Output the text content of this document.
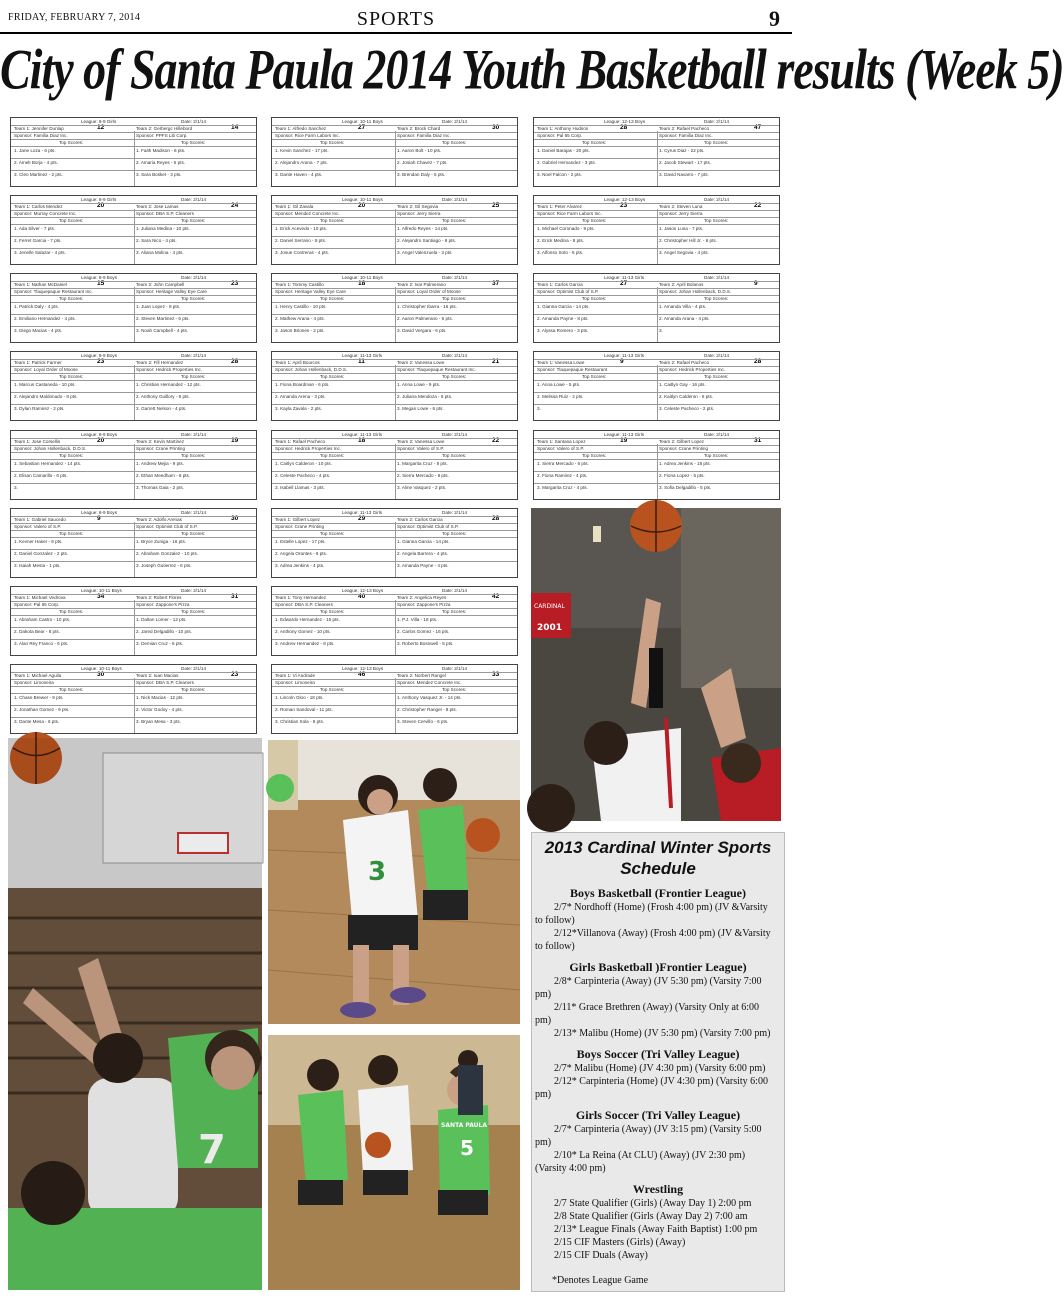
FRIDAY, FEBRUARY 7, 2014	SPORTS	9
City of Santa Paula 2014 Youth Basketball results (Week 5)
League: 8-9 Girls	Date: 2/1/14
Team 1: Jennifer Dunlap	12	Team 2: Gerbergc Hillebord	14
Sponsor: Familia Diaz Inc.	Sponsor: PPFS Lib Corp.
Top Scores:	Top Scores:
1. Jane Loza - 6 pts.	1. Faith Madison - 6 pts.
2. Amelt Borja - 4 pts.	2. Amaria Reyes - 5 pts.
3. Cleo Martinez - 2 pts.	3. Sara Bosket - 3 pts.
League: 8-9 Girls	Date: 2/1/14
Team 1: Carlos Mendez	20	Team 2: Jose Lamas	24
Sponsor: Murray Concrete Inc.	Sponsor: DBA S.P. Cleaners
Top Scores:	Top Scores:
1. Ada Silver - 7 pts.	1. Juliana Medina - 10 pts.
2. Ferret Garcia - 7 pts.	2. Sara Nico - 4 pts.
3. Jenelle Salazar - 4 pts.	3. Aliana Molina - 4 pts.
League: 8-9 Boys	Date: 2/1/14
Team 1: Nathan McDaniel	15	Team 2: John Campbell	23
Sponsor: Tlaquepaque Restaurant Inc.	Sponsor: Heritage Valley Eye Care
Top Scores:	Top Scores:
1. Patrick Daly - 4 pts.	1. Juan Lopez - 8 pts.
2. Emiliano Hernandez - 4 pts.	2. Steven Martinez - 6 pts.
3. Diego Macias - 4 pts.	3. Noah Campbell - 4 pts.
League: 8-9 Boys	Date: 2/1/14
Team 1: Patrick Farmer	23	Team 2: Fill Hernandez	28
Sponsor: Loyal Order of Moose	Sponsor: Hedrick Properties Inc.
Top Scores:	Top Scores:
1. Marcus Castaneda - 10 pts.	1. Christian Hernandez - 12 pts.
2. Alejandro Maldonado - 8 pts.	2. Anthony Guillory - 8 pts.
3. Dylan Ramirez - 2 pts.	3. Garrett Nelson - 4 pts.
League: 8-9 Boys	Date: 2/1/14
Team 1: Jose Corsellis	20	Team 2: Kevin Martinez	19
Sponsor: Johan Hollenback, D.D.S.	Sponsor: Crane Printing
Top Scores:	Top Scores:
1. Sebastian Hernandez - 14 pts.	1. Andrew Mejia - 9 pts.
2. Elisan Camarillo - 6 pts.	2. Ethan Meedham - 8 pts.
3.	3. Thomas Gaia - 2 pts.
League: 8-9 Boys	Date: 2/1/14
Team 1: Gabriel Saucedo	9	Team 2: Adolfo Arenas	30
Sponsor: Valero of S.P.	Sponsor: Optimist Club of S.P.
Top Scores:	Top Scores:
1. Kevner Haser - 6 pts.	1. Bryce Zuniga - 16 pts.
2. Daniel Gonzalez - 2 pts.	2. Abraham Gonzalez - 10 pts.
3. Isaiah Mesta - 1 pts.	3. Joseph Gutierrez - 6 pts.
League: 10-11 Boys	Date: 2/1/14
Team 1: Michael Vedrova	34	Team 2: Robert Flores	31
Sponsor: Pal 65 Corp.	Sponsor: Zappone's Pizza
Top Scores:	Top Scores:
1. Abraham Castro - 10 pts.	1. Daltan Lomer - 12 pts.
2. Dakota Bear - 8 pts.	2. Jared Delgadillo - 10 pts.
3. Alan Rey Franco - 6 pts.	3. Demian Cruz - 6 pts.
League: 10-11 Boys	Date: 2/1/14
Team 1: Michael Aguila	30	Team 2: Iuan Macias	23
Sponsor: Limoneira	Sponsor: DBA S.P. Cleaners
Top Scores:	Top Scores:
1. Chase Brewer - 9 pts.	1. Nick Macias - 12 pts.
2. Jonathan Gomez - 9 pts.	2. Victor Godoy - 4 pts.
3. Dante Mesa - 6 pts.	3. Bryan Mesa - 3 pts.
League: 10-11 Boys	Date: 2/1/14
Team 1: Alfredo Sanchez	27	Team 2: Brock Chard	30
Sponsor: Rice Farm Labors Inc.	Sponsor: Familia Diaz Inc.
Top Scores:	Top Scores:
1. Kevin Sanchez - 17 pts.	1. Aaron Bolt - 10 pts.
2. Alejandro Arana - 7 pts.	2. Josiah Chavez - 7 pts.
3. Dante Haven - 4 pts.	3. Brendan Daly - 5 pts.
League: 10-11 Boys	Date: 2/1/14
Team 1: Gil Zavala	20	Team 2: Gil Segovia	25
Sponsor: Mendez Concrete Inc.	Sponsor: Jerry Sierra
Top Scores:	Top Scores:
1. Erick Acevedo - 10 pts.	1. Alfredo Reyes - 14 pts.
2. Daniel Serrano - 8 pts.	2. Alejandro Santiago - 8 pts.
3. Josue Contreras - 4 pts.	3. Angel Valenzuela - 3 pts.
League: 10-11 Boys	Date: 2/1/14
Team 1: Tommy Castillo	18	Team 2: Ivar Palmerano	37
Sponsor: Heritage Valley Eye Care	Sponsor: Loyal Order of Moose
Top Scores:	Top Scores:
1. Henry Castillo - 10 pts.	1. Christopher Ibarra - 16 pts.
2. Mathew Arana - 4 pts.	2. Aaron Palmerano - 6 pts.
3. Jason Briones - 2 pts.	3. David Vergara - 6 pts.
League: 11-13 Girls	Date: 2/1/14
Team 1: April Bourcos	11	Team 2: Vanessa Lowe	21
Sponsor: Johan Hollenback, D.D.S.	Sponsor: Tlaquepaque Restaurant Inc.
Top Scores:	Top Scores:
1. Fiona Boardman - 6 pts.	1. Anna Lowe - 9 pts.
2. Amanda Arena - 3 pts.	2. Juliana Mendoza - 6 pts.
3. Kayla Zavala - 2 pts.	3. Megan Lowe - 6 pts.
League: 11-13 Girls	Date: 2/1/14
Team 1: Rafael Pacheco	18	Team 2: Vanessa Lowe	22
Sponsor: Hedrick Properties Inc.	Sponsor: Valero of S.P.
Top Scores:	Top Scores:
1. Caitlyn Calderon - 10 pts.	1. Margarita Cruz - 8 pts.
2. Celeste Pacheco - 4 pts.	2. Sierra Mercado - 8 pts.
3. Isabell Llamas - 3 pts.	3. Aline Vasquez - 2 pts.
League: 11-13 Girls	Date: 2/1/14
Team 1: Gilbert Lopez	29	Team 2: Carlos Garcia	28
Sponsor: Crane Printing	Sponsor: Optimist Club of S.P.
Top Scores:	Top Scores:
1. Estelle Lopez - 17 pts.	1. Gianna Garcia - 14 pts.
2. Angela Orantes - 6 pts.	2. Angela Barrera - 4 pts.
3. Adrea Jenkins - 4 pts.	3. Amanda Payne - 4 pts.
League: 12-13 Boys	Date: 2/1/14
Team 1: Tony Hernandez	40	Team 2: Angelica Reyes	42
Sponsor: DBA S.P. Cleaners	Sponsor: Zappone's Pizza
Top Scores:	Top Scores:
1. Edwardo Hernandez - 15 pts.	1. P.J. Villa - 18 pts.
2. Anthony Gomez - 10 pts.	2. Carlos Gomez - 16 pts.
3. Andrew Hernandez - 8 pts.	3. Roberto Bosnwell - 5 pts.
League: 12-13 Boys	Date: 2/1/14
Team 1: Vi Andrade	46	Team 2: Norbert Rangel	33
Sponsor: Limoneira	Sponsor: Mendez Concrete Inc.
Top Scores:	Top Scores:
1. Lincoln Gloo - 18 pts.	1. Anthony Vasquez Jr. - 14 pts.
2. Roman Sandoval - 11 pts.	2. Christopher Rangel - 8 pts.
3. Christian Sola - 9 pts.	3. Steven Cervillo - 6 pts.
League: 12-13 Boys	Date: 2/1/14
Team 1: Anthony Hudson	28	Team 2: Rafael Pacheco	47
Sponsor: Pal 65 Corp.	Sponsor: Familia Diaz Inc.
Top Scores:	Top Scores:
1. Daniel Barajas - 20 pts.	1. Cyrus Diaz - 22 pts.
2. Gabriel Hernandez - 3 pts.	2. Jacob Stewart - 17 pts.
3. Noel Falcon - 2 pts.	3. David Navarro - 7 pts.
League: 12-13 Boys	Date: 2/1/14
Team 1: Peter Alvarez	23	Team 2: Steven Luna	22
Sponsor: Rice Farm Labors Inc.	Sponsor: Jerry Sierra
Top Scores:	Top Scores:
1. Michael Coronado - 9 pts.	1. Jason Luna - 7 pts.
2. Erick Medina - 8 pts.	2. Christopher Hill Jr. - 6 pts.
3. Alfonso Soto - 6 pts.	3. Angel Segovia - 4 pts.
League: 11-13 Girls	Date: 2/1/14
Team 1: Carlos Garcia	27	Team 2: April Bolanos	9
Sponsor: Optimist Club of S.P.	Sponsor: Johan Hollenback, D.D.S.
Top Scores:	Top Scores:
1. Gianna Garcia - 14 pts.	1. Amanda Villa - 4 pts.
2. Amanda Payne - 8 pts.	2. Amanda Arana - 4 pts.
3. Alyssa Romero - 3 pts.	3.
League: 11-13 Girls	Date: 2/1/14
Team 1: Vanessa Lowe	9	Team 2: Rafael Pacheco	28
Sponsor: Tlaquepaque Restaurant	Sponsor: Hedrick Properties Inc.
Top Scores:	Top Scores:
1. Anna Lowe - 5 pts.	1. Caitlyn Gay - 16 pts.
2. Melissa Ruiz - 2 pts.	2. Kaitlyn Calderon - 6 pts.
3.	3. Celeste Pacheco - 2 pts.
League: 11-13 Girls	Date: 2/1/14
Team 1: Santana Lopez	19	Team 2: Gilbert Lopez	31
Sponsor: Valero of S.P.	Sponsor: Crane Printing
Top Scores:	Top Scores:
1. Sierra Mercado - 6 pts.	1. Adrea Jenkins - 18 pts.
2. Fiona Ramirez - 4 pts.	2. Fiona Lopez - 5 pts.
3. Margarita Cruz - 4 pts.	3. Sofia Delgadillo - 5 pts.
7
3
5
SANTA PAULA
CARDINAL
2001
2013 Cardinal Winter Sports Schedule
Boys Basketball (Frontier League)
2/7* Nordhoff (Home) (Frosh 4:00 pm) (JV &Varsity to follow)
2/12*Villanova (Away) (Frosh 4:00 pm) (JV &Varsity to follow)
Girls Basketball )Frontier League)
2/8* Carpinteria (Away) (JV 5:30 pm) (Varsity 7:00 pm)
2/11* Grace Brethren (Away) (Varsity Only at 6:00 pm)
2/13* Malibu (Home) (JV 5:30 pm) (Varsity 7:00 pm)
Boys Soccer (Tri Valley League)
2/7* Malibu (Home) (JV 4:30 pm) (Varsity 6:00 pm)
2/12* Carpinteria (Home) (JV 4:30 pm) (Varsity 6:00 pm)
Girls Soccer (Tri Valley League)
2/7* Carpinteria (Away) (JV 3:15 pm) (Varsity 5:00 pm)
2/10* La Reina (At CLU) (Away) (JV 2:30 pm) (Varsity 4:00 pm)
Wrestling
2/7 State Qualifier (Girls) (Away Day 1) 2:00 pm
2/8 State Qualifier (Girls (Away Day 2) 7:00 am
2/13* League Finals (Away Faith Baptist) 1:00 pm
2/15 CIF Masters (Girls) (Away)
2/15 CIF Duals (Away)
*Denotes League Game
